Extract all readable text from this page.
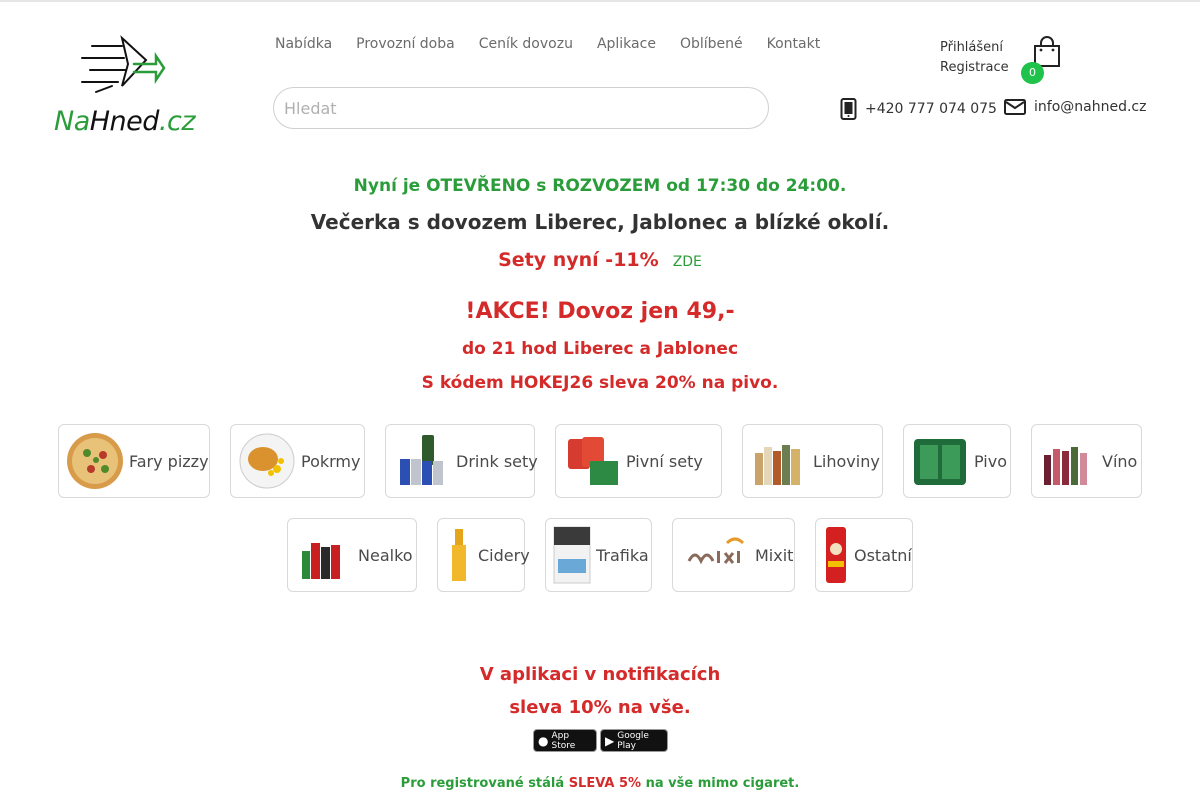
NaHned.cz
Nabídka Provozní doba Ceník dovozu Aplikace Oblíbené Kontakt
Hledat	Přihlášení
Registrace	0
+420 777 074 075	info@nahned.cz
Nyní je OTEVŘENO s ROZVOZEM od 17:30 do 24:00.
Večerka s dovozem Liberec, Jablonec a blízké okolí.
Sety nyní -11% ZDE
!AKCE! Dovoz jen 49,-
do 21 hod Liberec a Jablonec
S kódem HOKEJ26 sleva 20% na pivo.
Fary pizzy	Pokrmy	Drink sety	Pivní sety	Lihoviny	Pivo	Víno
Nealko	Cidery	Trafika	Mixit	Ostatní
V aplikaci v notifikacích
sleva 10% na vše.
● App Store	▶ Google Play
Pro registrované stálá SLEVA 5% na vše mimo cigaret.
